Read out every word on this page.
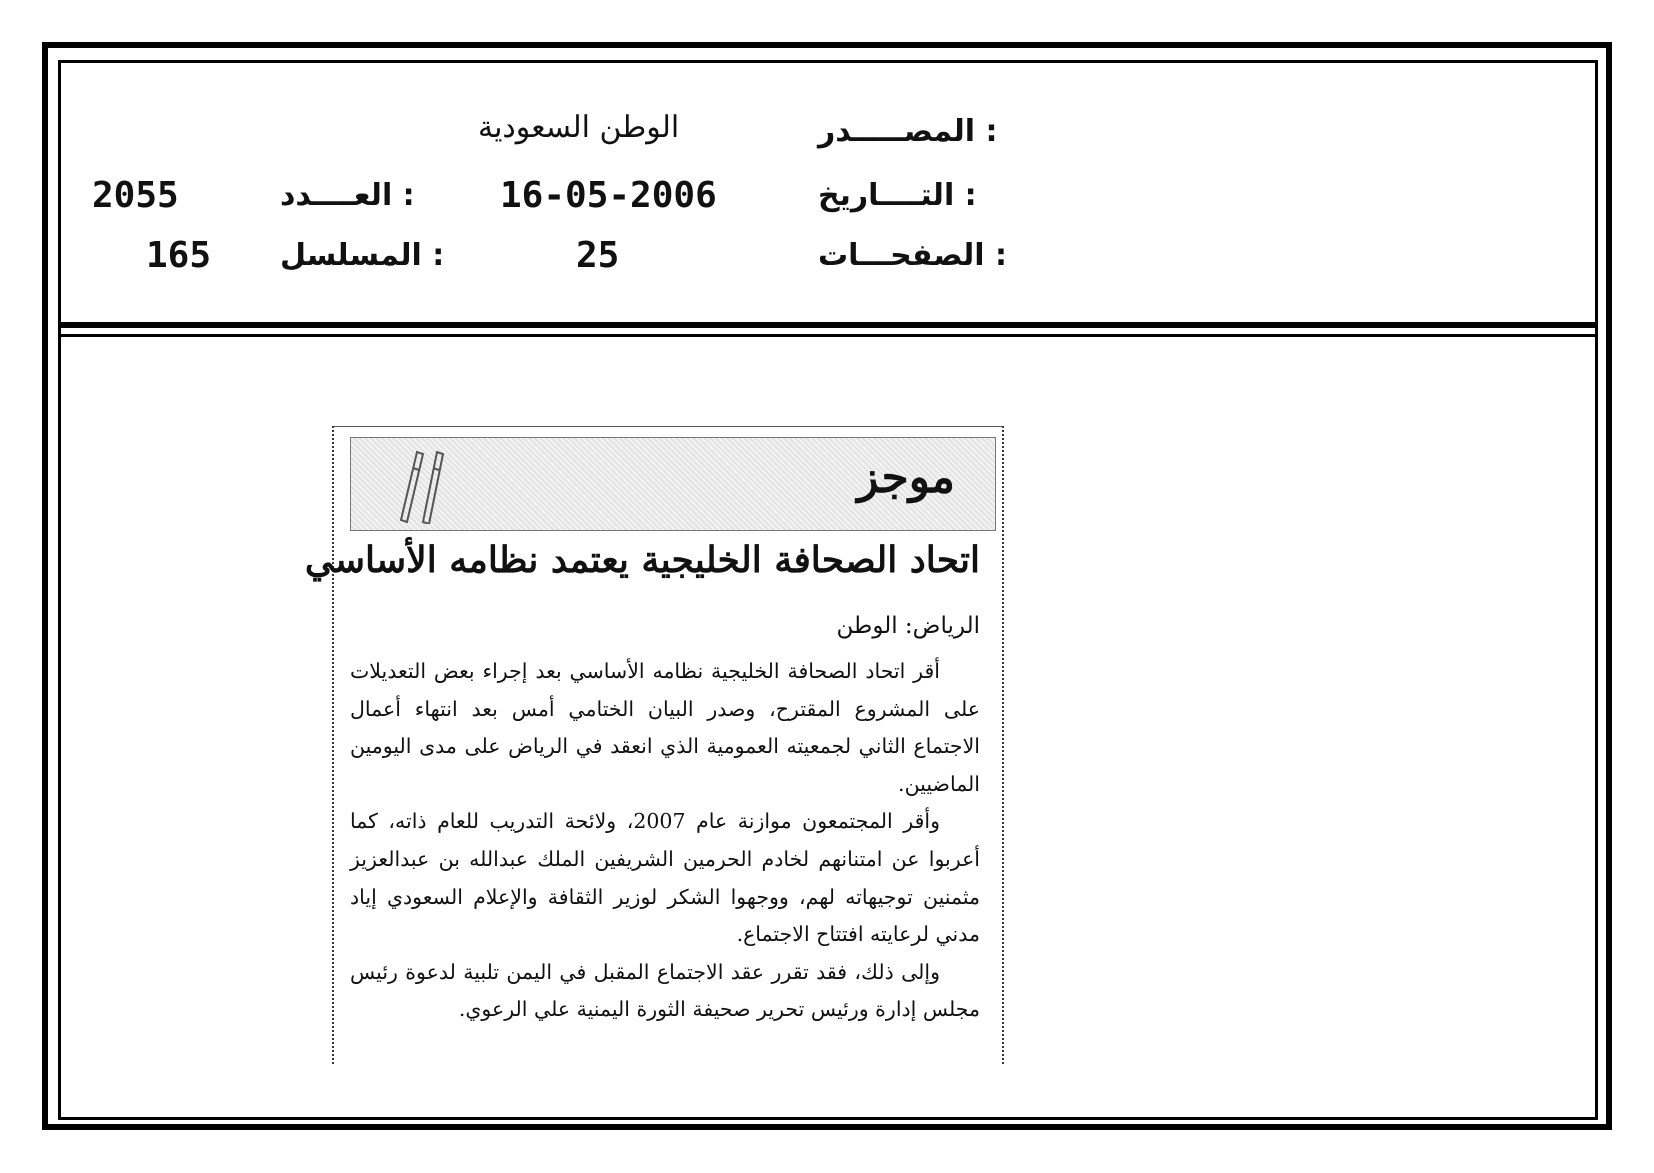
المصـــــدر :
الوطن السعودية
التــــاريخ :
16-05-2006
العــــدد :
2055
الصفحـــات :
25
المسلسل :
165
موجز
اتحاد الصحافة الخليجية يعتمد نظامه الأساسي
الرياض: الوطن

أقر اتحاد الصحافة الخليجية نظامه الأساسي بعد إجراء بعض التعديلات على المشروع المقترح، وصدر البيان الختامي أمس بعد انتهاء أعمال الاجتماع الثاني لجمعيته العمومية الذي انعقد في الرياض على مدى اليومين الماضيين.

وأقر المجتمعون موازنة عام 2007، ولائحة التدريب للعام ذاته، كما أعربوا عن امتنانهم لخادم الحرمين الشريفين الملك عبدالله بن عبدالعزيز مثمنين توجيهاته لهم، ووجهوا الشكر لوزير الثقافة والإعلام السعودي إياد مدني لرعايته افتتاح الاجتماع.

وإلى ذلك، فقد تقرر عقد الاجتماع المقبل في اليمن تلبية لدعوة رئيس مجلس إدارة ورئيس تحرير صحيفة الثورة اليمنية علي الرعوي.
